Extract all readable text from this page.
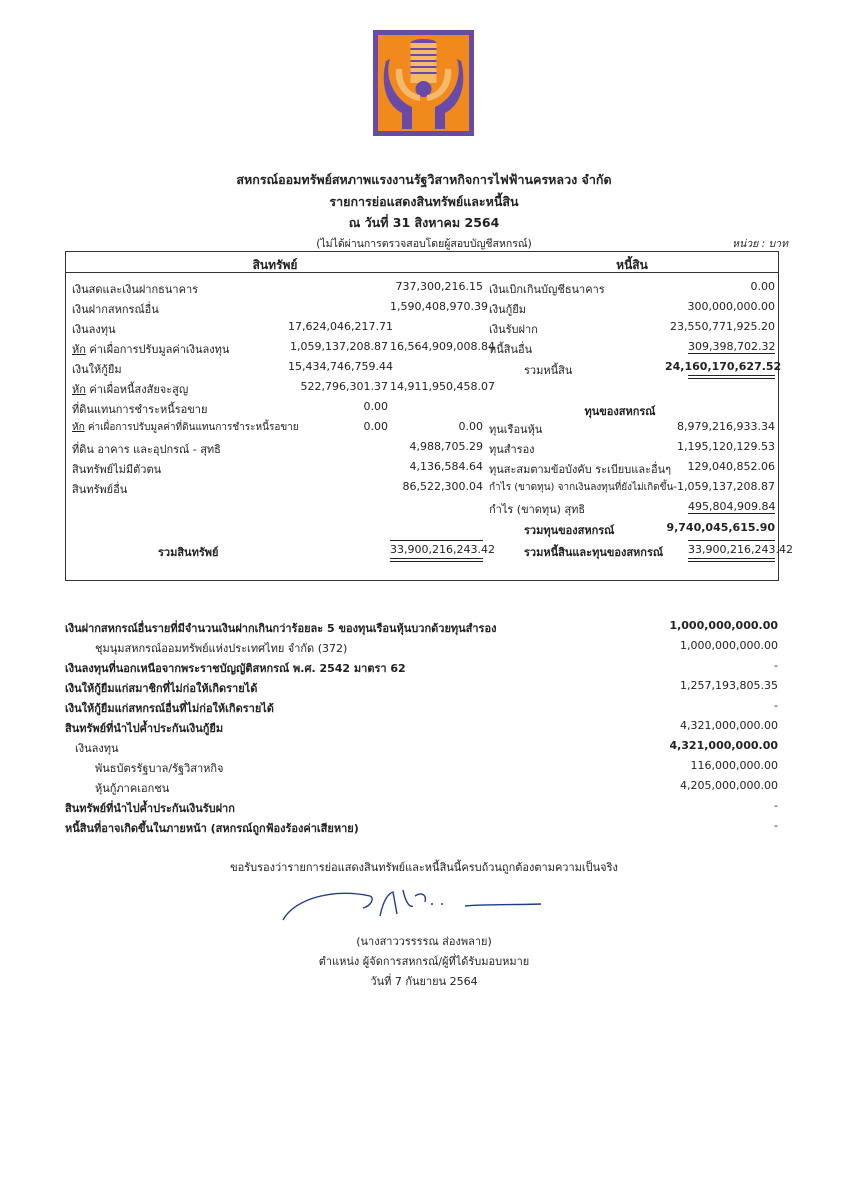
สหกรณ์ออมทรัพย์สหภาพแรงงานรัฐวิสาหกิจการไฟฟ้านครหลวง จำกัด
รายการย่อแสดงสินทรัพย์และหนี้สิน
ณ วันที่ 31 สิงหาคม 2564
(ไม่ได้ผ่านการตรวจสอบโดยผู้สอบบัญชีสหกรณ์)	หน่วย : บาท
สินทรัพย์	หนี้สิน
เงินสดและเงินฝากธนาคาร	737,300,216.15
เงินฝากสหกรณ์อื่น	1,590,408,970.39
เงินลงทุน	17,624,046,217.71
หัก ค่าเผื่อการปรับมูลค่าเงินลงทุน	1,059,137,208.87 16,564,909,008.84
เงินให้กู้ยืม	15,434,746,759.44
หัก ค่าเผื่อหนี้สงสัยจะสูญ	522,796,301.37 14,911,950,458.07
ที่ดินแทนการชำระหนี้รอขาย	0.00
หัก ค่าเผื่อการปรับมูลค่าที่ดินแทนการชำระหนี้รอขาย	0.00	0.00
ที่ดิน อาคาร และอุปกรณ์ - สุทธิ	4,988,705.29
สินทรัพย์ไม่มีตัวตน	4,136,584.64
สินทรัพย์อื่น	86,522,300.04
รวมสินทรัพย์	33,900,216,243.42
เงินเบิกเกินบัญชีธนาคาร	0.00
เงินกู้ยืม	300,000,000.00
เงินรับฝาก	23,550,771,925.20
หนี้สินอื่น	309,398,702.32
รวมหนี้สิน	24,160,170,627.52
ทุนของสหกรณ์
ทุนเรือนหุ้น	8,979,216,933.34
ทุนสำรอง	1,195,120,129.53
ทุนสะสมตามข้อบังคับ ระเบียบและอื่นๆ	129,040,852.06
กำไร (ขาดทุน) จากเงินลงทุนที่ยังไม่เกิดขึ้น -1,059,137,208.87
กำไร (ขาดทุน) สุทธิ	495,804,909.84
รวมทุนของสหกรณ์	9,740,045,615.90
รวมหนี้สินและทุนของสหกรณ์ 33,900,216,243.42
เงินฝากสหกรณ์อื่นรายที่มีจำนวนเงินฝากเกินกว่าร้อยละ 5 ของทุนเรือนหุ้นบวกด้วยทุนสำรอง	1,000,000,000.00
ชุมนุมสหกรณ์ออมทรัพย์แห่งประเทศไทย จำกัด (372)	1,000,000,000.00
เงินลงทุนที่นอกเหนือจากพระราชบัญญัติสหกรณ์ พ.ศ. 2542 มาตรา 62	-
เงินให้กู้ยืมแก่สมาชิกที่ไม่ก่อให้เกิดรายได้	1,257,193,805.35
เงินให้กู้ยืมแก่สหกรณ์อื่นที่ไม่ก่อให้เกิดรายได้	-
สินทรัพย์ที่นำไปค้ำประกันเงินกู้ยืม	4,321,000,000.00
เงินลงทุน	4,321,000,000.00
พันธบัตรรัฐบาล/รัฐวิสาหกิจ	116,000,000.00
หุ้นกู้ภาคเอกชน	4,205,000,000.00
สินทรัพย์ที่นำไปค้ำประกันเงินรับฝาก	-
หนี้สินที่อาจเกิดขึ้นในภายหน้า (สหกรณ์ถูกฟ้องร้องค่าเสียหาย)	-
ขอรับรองว่ารายการย่อแสดงสินทรัพย์และหนี้สินนี้ครบถ้วนถูกต้องตามความเป็นจริง
(นางสาววรรรรณ ส่องพลาย)
ตำแหน่ง ผู้จัดการสหกรณ์/ผู้ที่ได้รับมอบหมาย
วันที่ 7 กันยายน 2564
